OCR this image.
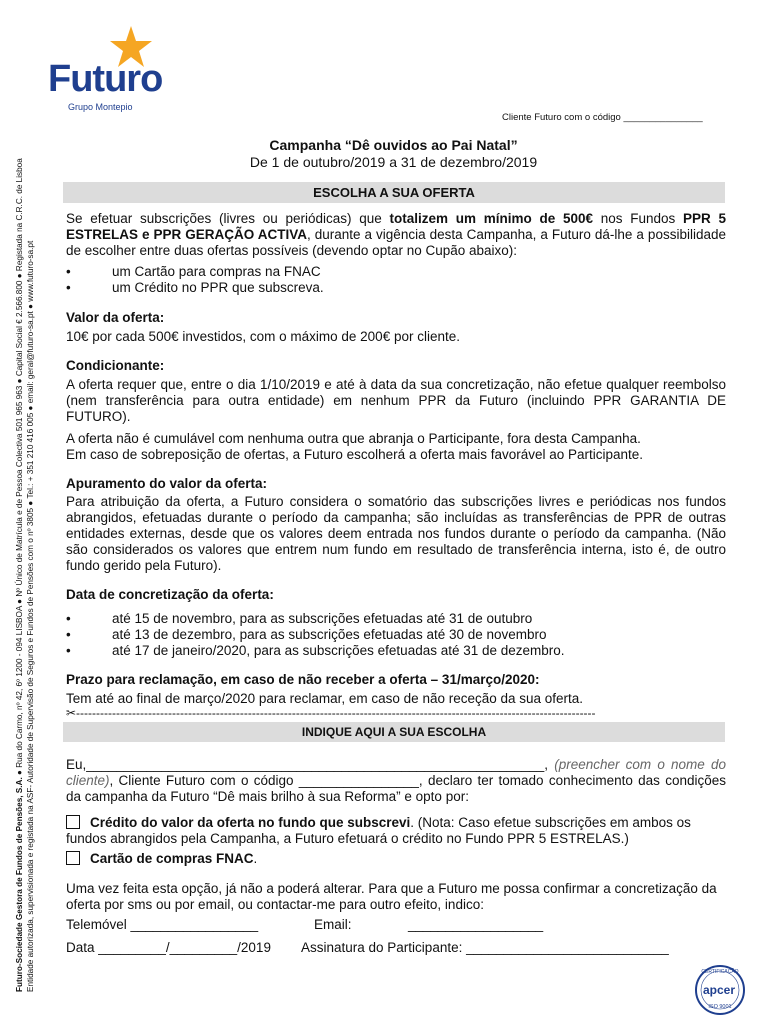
Futuro
Grupo Montepio
Cliente Futuro com o código _______________
Futuro-Sociedade Gestora de Fundos de Pensões, S.A. ● Rua do Carmo, nº 42, 6º 1200 - 094 LISBOA ● Nº Único de Matrícula e de Pessoa Colectiva 501 965 963 ● Capital Social € 2.566.800 ● Registada na C.R.C. de Lisboa Entidade autorizada, supervisionada e registada na ASF- Autoridade de Supervisão de Seguros e Fundos de Pensões com o nº 3805 ● Tel.: + 351 210 416 005 ● email: geral@futuro-sa.pt ● www.futuro-sa.pt
Campanha “Dê ouvidos ao Pai Natal”
De 1 de outubro/2019 a 31 de dezembro/2019
ESCOLHA A SUA OFERTA
Se efetuar subscrições (livres ou periódicas) que totalizem um mínimo de 500€ nos Fundos PPR 5 ESTRELAS e PPR GERAÇÃO ACTIVA, durante a vigência desta Campanha, a Futuro dá-lhe a possibilidade de escolher entre duas ofertas possíveis (devendo optar no Cupão abaixo):
• um Cartão para compras na FNAC
• um Crédito no PPR que subscreva.
Valor da oferta:
10€ por cada 500€ investidos, com o máximo de 200€ por cliente.
Condicionante:
A oferta requer que, entre o dia 1/10/2019 e até à data da sua concretização, não efetue qualquer reembolso (nem transferência para outra entidade) em nenhum PPR da Futuro (incluindo PPR GARANTIA DE FUTURO).
A oferta não é cumulável com nenhuma outra que abranja o Participante, fora desta Campanha.
Em caso de sobreposição de ofertas, a Futuro escolherá a oferta mais favorável ao Participante.
Apuramento do valor da oferta:
Para atribuição da oferta, a Futuro considera o somatório das subscrições livres e periódicas nos fundos abrangidos, efetuadas durante o período da campanha; são incluídas as transferências de PPR de outras entidades externas, desde que os valores deem entrada nos fundos durante o período da campanha. (Não são considerados os valores que entrem num fundo em resultado de transferência interna, isto é, de outro fundo gerido pela Futuro).
Data de concretização da oferta:
• até 15 de novembro, para as subscrições efetuadas até 31 de outubro
• até 13 de dezembro, para as subscrições efetuadas até 30 de novembro
• até 17 de janeiro/2020, para as subscrições efetuadas até 31 de dezembro.
Prazo para reclamação, em caso de não receber a oferta – 31/março/2020:
Tem até ao final de março/2020 para reclamar, em caso de não receção da sua oferta.
✂----------------------------------------------------------------------------------------------------------------------------------
INDIQUE AQUI A SUA ESCOLHA
Eu,_____________________________________________________________, (preencher com o nome do cliente), Cliente Futuro com o código ________________, declaro ter tomado conhecimento das condições da campanha da Futuro “Dê mais brilho à sua Reforma” e opto por:
Crédito do valor da oferta no fundo que subscrevi. (Nota: Caso efetue subscrições em ambos os fundos abrangidos pela Campanha, a Futuro efetuará o crédito no Fundo PPR 5 ESTRELAS.)
Cartão de compras FNAC.
Uma vez feita esta opção, já não a poderá alterar. Para que a Futuro me possa confirmar a concretização da oferta por sms ou por email, ou contactar-me para outro efeito, indico:
Telemóvel _________________	Email:	__________________
Data _________/_________/2019 Assinatura do Participante: ___________________________
CERTIFICAÇÃO
apcer
ISO 9001
